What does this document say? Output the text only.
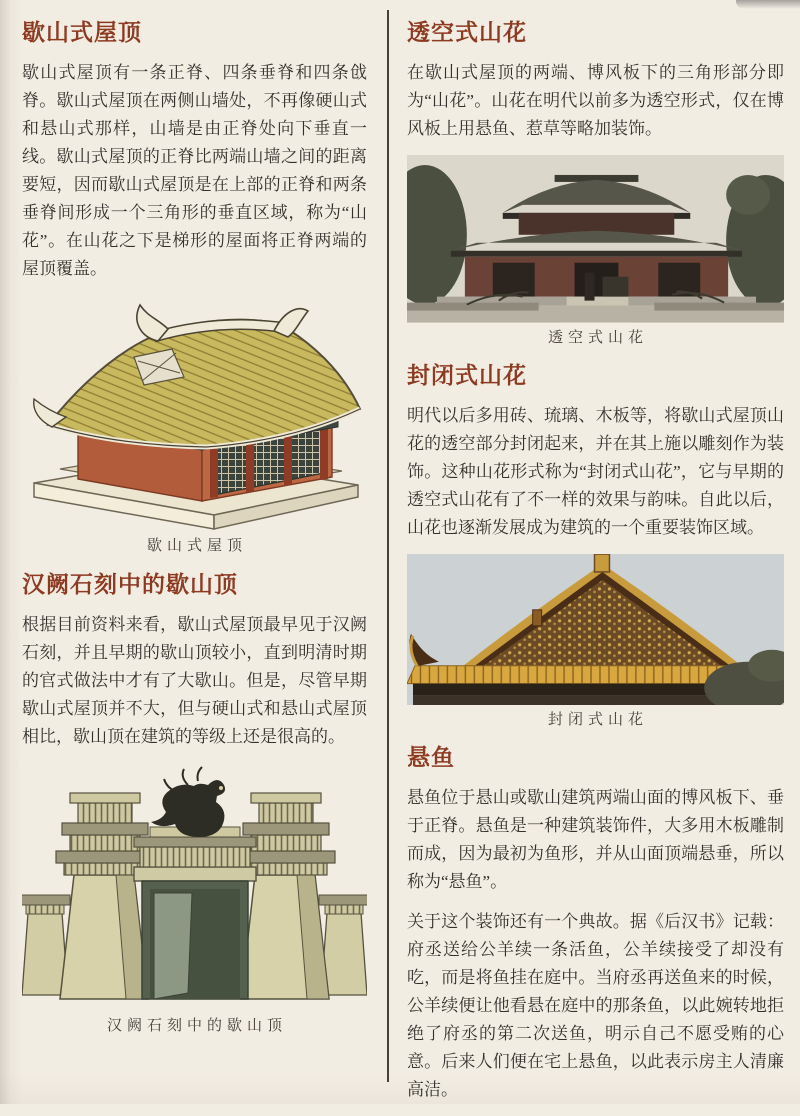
歇山式屋顶

歇山式屋顶有一条正脊、四条垂脊和四条戗脊。歇山式屋顶在两侧山墙处，不再像硬山式和悬山式那样，山墙是由正脊处向下垂直一线。歇山式屋顶的正脊比两端山墙之间的距离要短，因而歇山式屋顶是在上部的正脊和两条垂脊间形成一个三角形的垂直区域，称为“山花”。在山花之下是梯形的屋面将正脊两端的屋顶覆盖。

歇山式屋顶
汉阙石刻中的歇山顶

根据目前资料来看，歇山式屋顶最早见于汉阙石刻，并且早期的歇山顶较小，直到明清时期的官式做法中才有了大歇山。但是，尽管早期歇山式屋顶并不大，但与硬山式和悬山式屋顶相比，歇山顶在建筑的等级上还是很高的。

汉阙石刻中的歇山顶
透空式山花

在歇山式屋顶的两端、博风板下的三角形部分即为“山花”。山花在明代以前多为透空形式，仅在博风板上用悬鱼、惹草等略加装饰。

透空式山花
封闭式山花

明代以后多用砖、琉璃、木板等，将歇山式屋顶山花的透空部分封闭起来，并在其上施以雕刻作为装饰。这种山花形式称为“封闭式山花”，它与早期的透空式山花有了不一样的效果与韵味。自此以后，山花也逐渐发展成为建筑的一个重要装饰区域。

封闭式山花
悬鱼

悬鱼位于悬山或歇山建筑两端山面的博风板下、垂于正脊。悬鱼是一种建筑装饰件，大多用木板雕制而成，因为最初为鱼形，并从山面顶端悬垂，所以称为“悬鱼”。

关于这个装饰还有一个典故。据《后汉书》记载：府丞送给公羊续一条活鱼，公羊续接受了却没有吃，而是将鱼挂在庭中。当府丞再送鱼来的时候，公羊续便让他看悬在庭中的那条鱼，以此婉转地拒绝了府丞的第二次送鱼，明示自己不愿受贿的心意。后来人们便在宅上悬鱼，以此表示房主人清廉高洁。
